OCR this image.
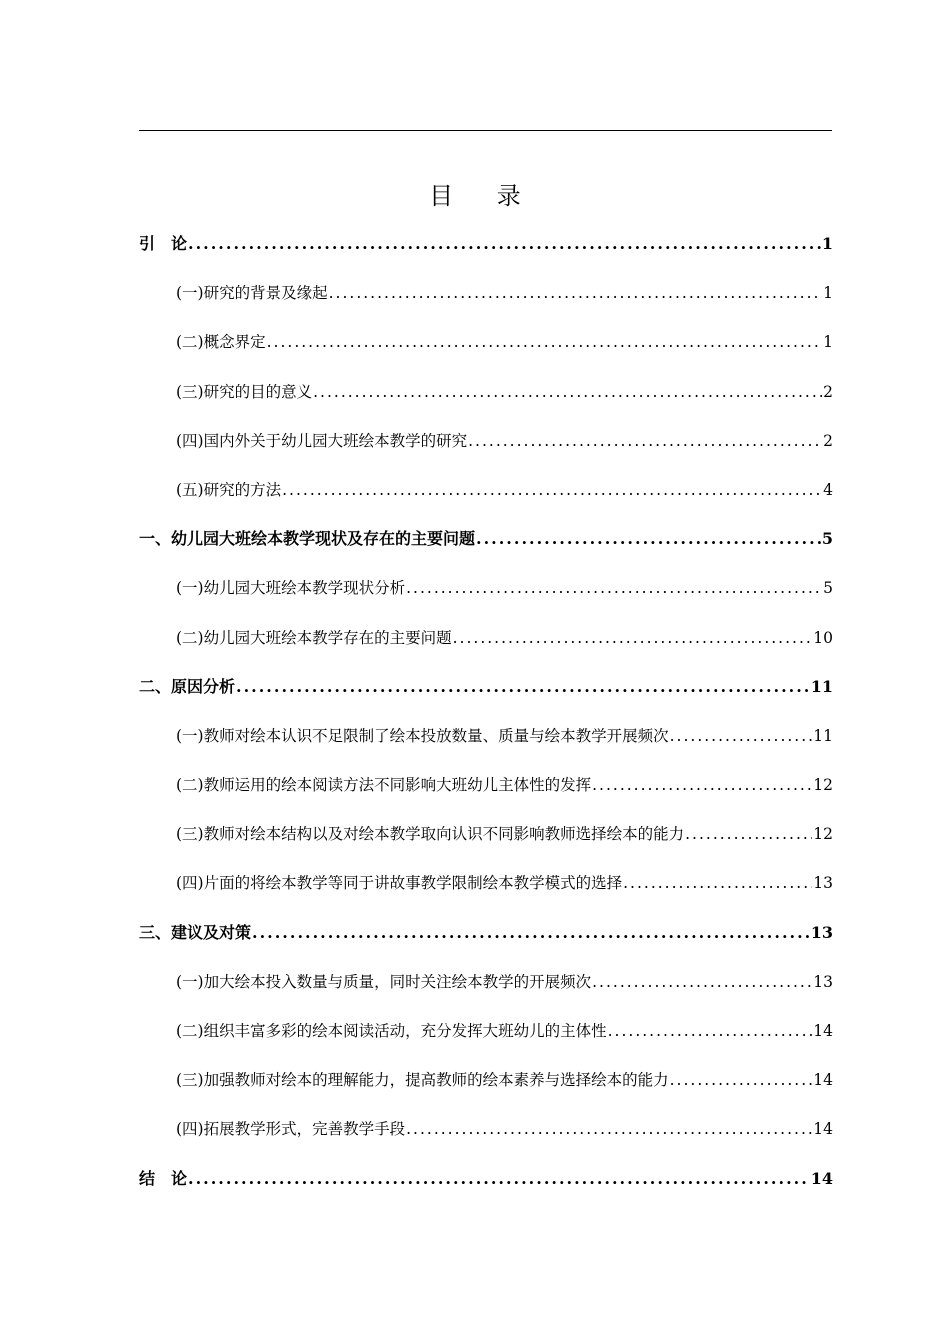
目 录
引　论 .....	1
(一)研究的背景及缘起 .....	1
(二)概念界定 .....	1
(三)研究的目的意义 .....	2
(四)国内外关于幼儿园大班绘本教学的研究 .....	2
(五)研究的方法 .....	4
一、幼儿园大班绘本教学现状及存在的主要问题 .....	5
(一)幼儿园大班绘本教学现状分析 .....	5
(二)幼儿园大班绘本教学存在的主要问题 .....	10
二、原因分析 .....	11
(一)教师对绘本认识不足限制了绘本投放数量、质量与绘本教学开展频次 .....	11
(二)教师运用的绘本阅读方法不同影响大班幼儿主体性的发挥 .....	12
(三)教师对绘本结构以及对绘本教学取向认识不同影响教师选择绘本的能力 .....	12
(四)片面的将绘本教学等同于讲故事教学限制绘本教学模式的选择 .....	13
三、建议及对策 .....	13
(一)加大绘本投入数量与质量，同时关注绘本教学的开展频次 .....	13
(二)组织丰富多彩的绘本阅读活动，充分发挥大班幼儿的主体性 .....	14
(三)加强教师对绘本的理解能力，提高教师的绘本素养与选择绘本的能力 .....	14
(四)拓展教学形式，完善教学手段 .....	14
结　论 .....	14
